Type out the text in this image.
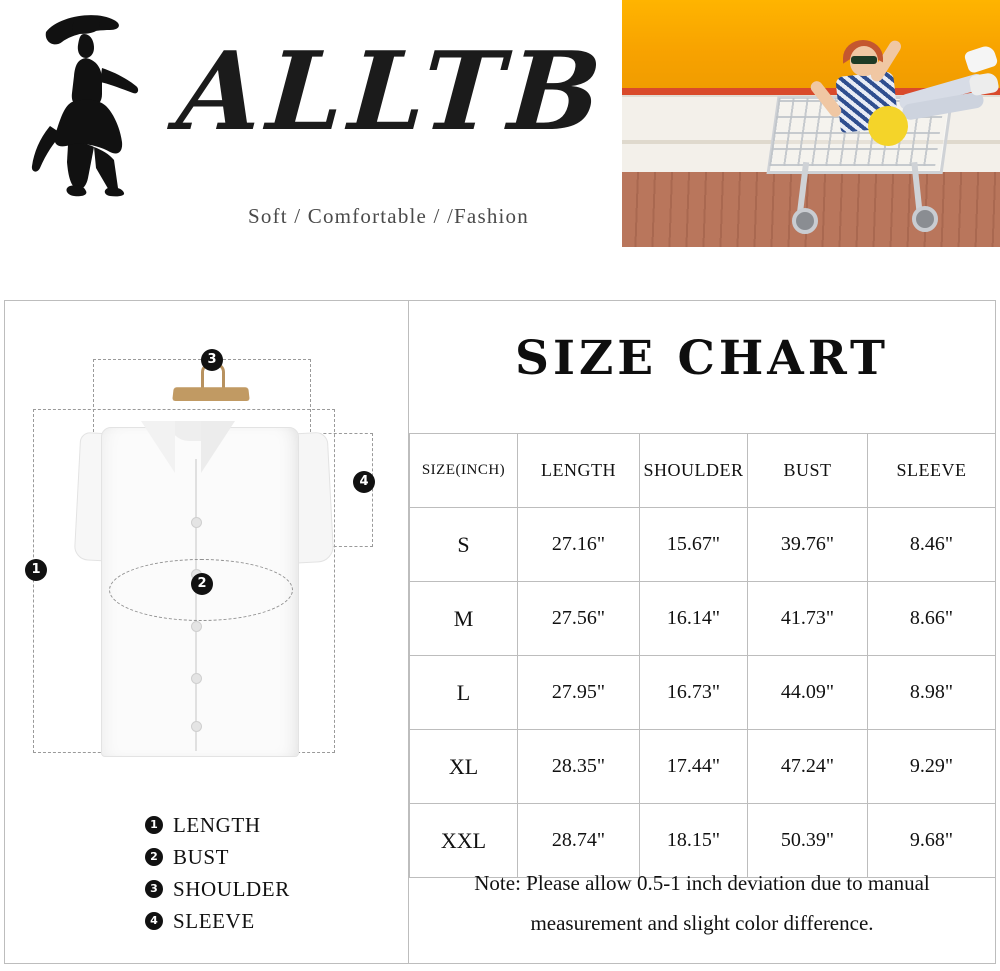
ALLTB
Soft / Comfortable / /Fashion
1
2
3
4
1 LENGTH
2 BUST
3 SHOULDER
4 SLEEVE
SIZE CHART
SIZE(INCH)	LENGTH	SHOULDER	BUST	SLEEVE
S	27.16"	15.67"	39.76"	8.46"
M	27.56"	16.14"	41.73"	8.66"
L	27.95"	16.73"	44.09"	8.98"
XL	28.35"	17.44"	47.24"	9.29"
XXL	28.74"	18.15"	50.39"	9.68"
Note: Please allow 0.5-1 inch deviation due to manual measurement and slight color difference.
